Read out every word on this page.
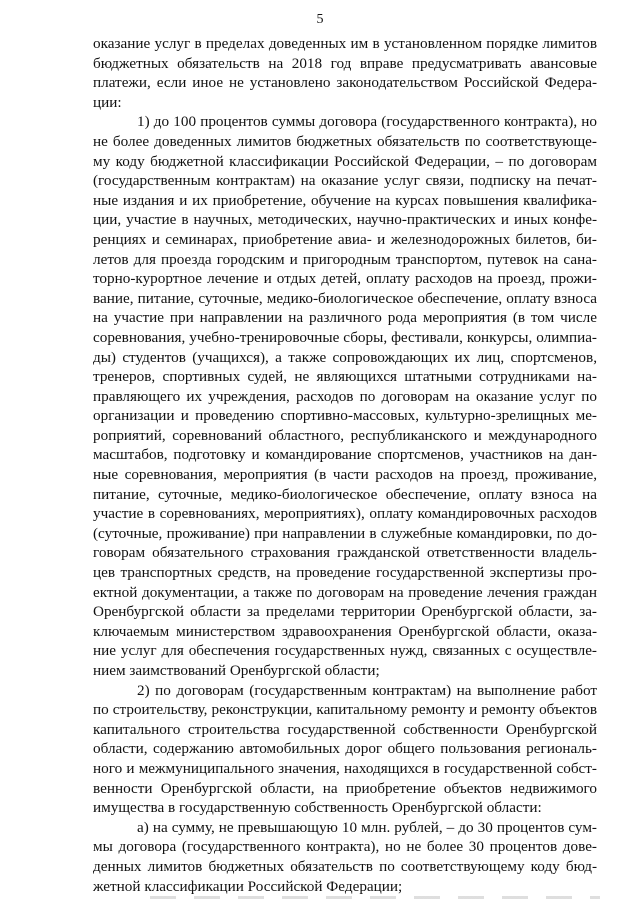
5
оказание услуг в пределах доведенных им в установленном порядке лимитов
бюджетных обязательств на 2018 год вправе предусматривать авансовые
платежи, если иное не установлено законодательством Российской Федера-
ции:
1) до 100 процентов суммы договора (государственного контракта), но
не более доведенных лимитов бюджетных обязательств по соответствующе-
му коду бюджетной классификации Российской Федерации, – по договорам
(государственным контрактам) на оказание услуг связи, подписку на печат-
ные издания и их приобретение, обучение на курсах повышения квалифика-
ции, участие в научных, методических, научно-практических и иных конфе-
ренциях и семинарах, приобретение авиа- и железнодорожных билетов, би-
летов для проезда городским и пригородным транспортом, путевок на сана-
торно-курортное лечение и отдых детей, оплату расходов на проезд, прожи-
вание, питание, суточные, медико-биологическое обеспечение, оплату взноса
на участие при направлении на различного рода мероприятия (в том числе
соревнования, учебно-тренировочные сборы, фестивали, конкурсы, олимпиа-
ды) студентов (учащихся), а также сопровождающих их лиц, спортсменов,
тренеров, спортивных судей, не являющихся штатными сотрудниками на-
правляющего их учреждения, расходов по договорам на оказание услуг по
организации и проведению спортивно-массовых, культурно-зрелищных ме-
роприятий, соревнований областного, республиканского и международного
масштабов, подготовку и командирование спортсменов, участников на дан-
ные соревнования, мероприятия (в части расходов на проезд, проживание,
питание, суточные, медико-биологическое обеспечение, оплату взноса на
участие в соревнованиях, мероприятиях), оплату командировочных расходов
(суточные, проживание) при направлении в служебные командировки, по до-
говорам обязательного страхования гражданской ответственности владель-
цев транспортных средств, на проведение государственной экспертизы про-
ектной документации, а также по договорам на проведение лечения граждан
Оренбургской области за пределами территории Оренбургской области, за-
ключаемым министерством здравоохранения Оренбургской области, оказа-
ние услуг для обеспечения государственных нужд, связанных с осуществле-
нием заимствований Оренбургской области;
2) по договорам (государственным контрактам) на выполнение работ
по строительству, реконструкции, капитальному ремонту и ремонту объектов
капитального строительства государственной собственности Оренбургской
области, содержанию автомобильных дорог общего пользования региональ-
ного и межмуниципального значения, находящихся в государственной собст-
венности Оренбургской области, на приобретение объектов недвижимого
имущества в государственную собственность Оренбургской области:
а) на сумму, не превышающую 10 млн. рублей, – до 30 процентов сум-
мы договора (государственного контракта), но не более 30 процентов дове-
денных лимитов бюджетных обязательств по соответствующему коду бюд-
жетной классификации Российской Федерации;
